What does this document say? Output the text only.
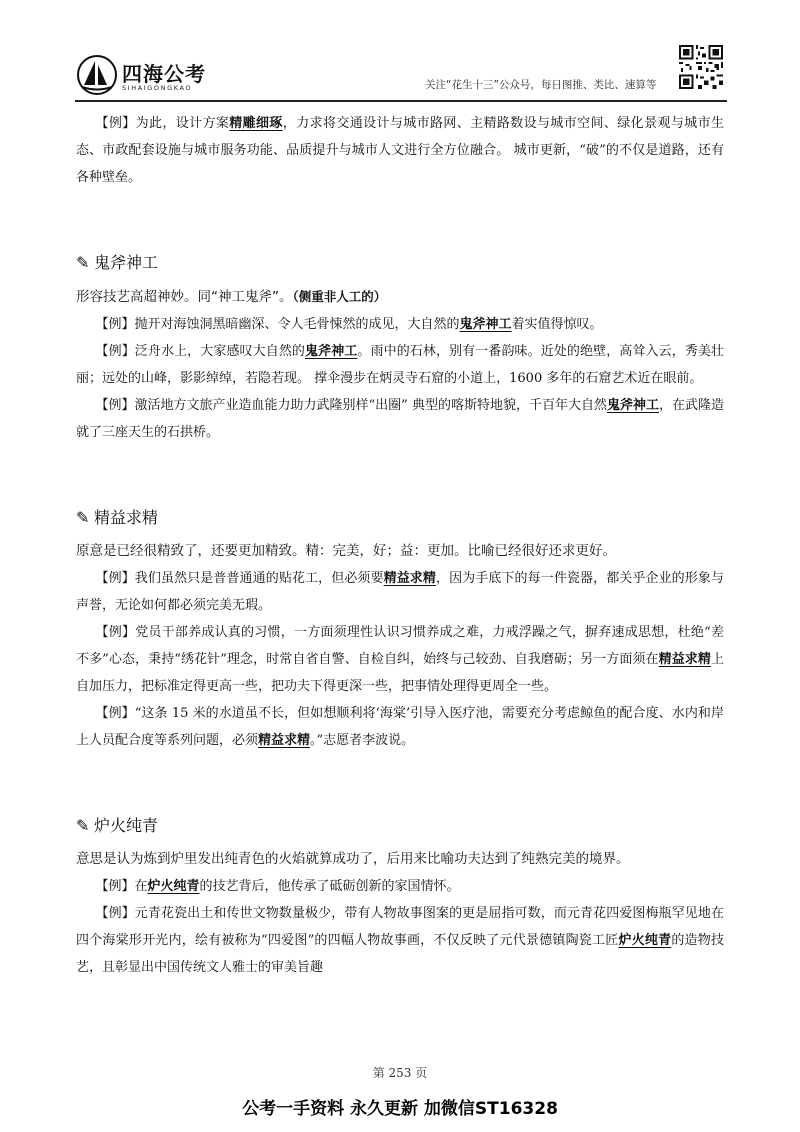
四海公考
SIHAIGONGKAO	关注“花生十三”公众号，每日图推、类比、速算等

【例】为此，设计方案精雕细琢，力求将交通设计与城市路网、主精路数设与城市空间、绿化景观与城市生态、市政配套设施与城市服务功能、品质提升与城市人文进行全方位融合。 城市更新，“破”的不仅是道路，还有各种壁垒。

✎ 鬼斧神工

形容技艺高超神妙。同“神工鬼斧”。（侧重非人工的）

【例】抛开对海蚀洞黑暗幽深、令人毛骨悚然的成见，大自然的鬼斧神工着实值得惊叹。

【例】泛舟水上，大家感叹大自然的鬼斧神工。雨中的石林，别有一番韵味。近处的绝壁，高耸入云，秀美壮丽；远处的山峰，影影绰绰，若隐若现。 撑伞漫步在炳灵寺石窟的小道上，1600 多年的石窟艺术近在眼前。

【例】激活地方文旅产业造血能力助力武隆别样“出圈” 典型的喀斯特地貌，千百年大自然鬼斧神工，在武隆造就了三座天生的石拱桥。

✎ 精益求精

原意是已经很精致了，还要更加精致。精：完美，好；益：更加。比喻已经很好还求更好。

【例】我们虽然只是普普通通的贴花工，但必须要精益求精，因为手底下的每一件瓷器，都关乎企业的形象与声誉，无论如何都必须完美无瑕。

【例】党员干部养成认真的习惯，一方面须理性认识习惯养成之难，力戒浮躁之气，摒弃速成思想，杜绝“差不多”心态，秉持“绣花针”理念，时常自省自警、自检自纠，始终与己较劲、自我磨砺；另一方面须在精益求精上自加压力，把标准定得更高一些，把功夫下得更深一些，把事情处理得更周全一些。

【例】“这条 15 米的水道虽不长，但如想顺利将‘海棠’引导入医疗池，需要充分考虑鲸鱼的配合度、水内和岸上人员配合度等系列问题，必须精益求精。”志愿者李波说。

✎ 炉火纯青

意思是认为炼到炉里发出纯青色的火焰就算成功了，后用来比喻功夫达到了纯熟完美的境界。

【例】在炉火纯青的技艺背后，他传承了砥砺创新的家国情怀。

【例】元青花瓷出土和传世文物数量极少，带有人物故事图案的更是屈指可数，而元青花四爱图梅瓶罕见地在四个海棠形开光内，绘有被称为“四爱图”的四幅人物故事画，不仅反映了元代景德镇陶瓷工匠炉火纯青的造物技艺，且彰显出中国传统文人雅士的审美旨趣

第 253 页
公考一手资料 永久更新 加微信ST16328
